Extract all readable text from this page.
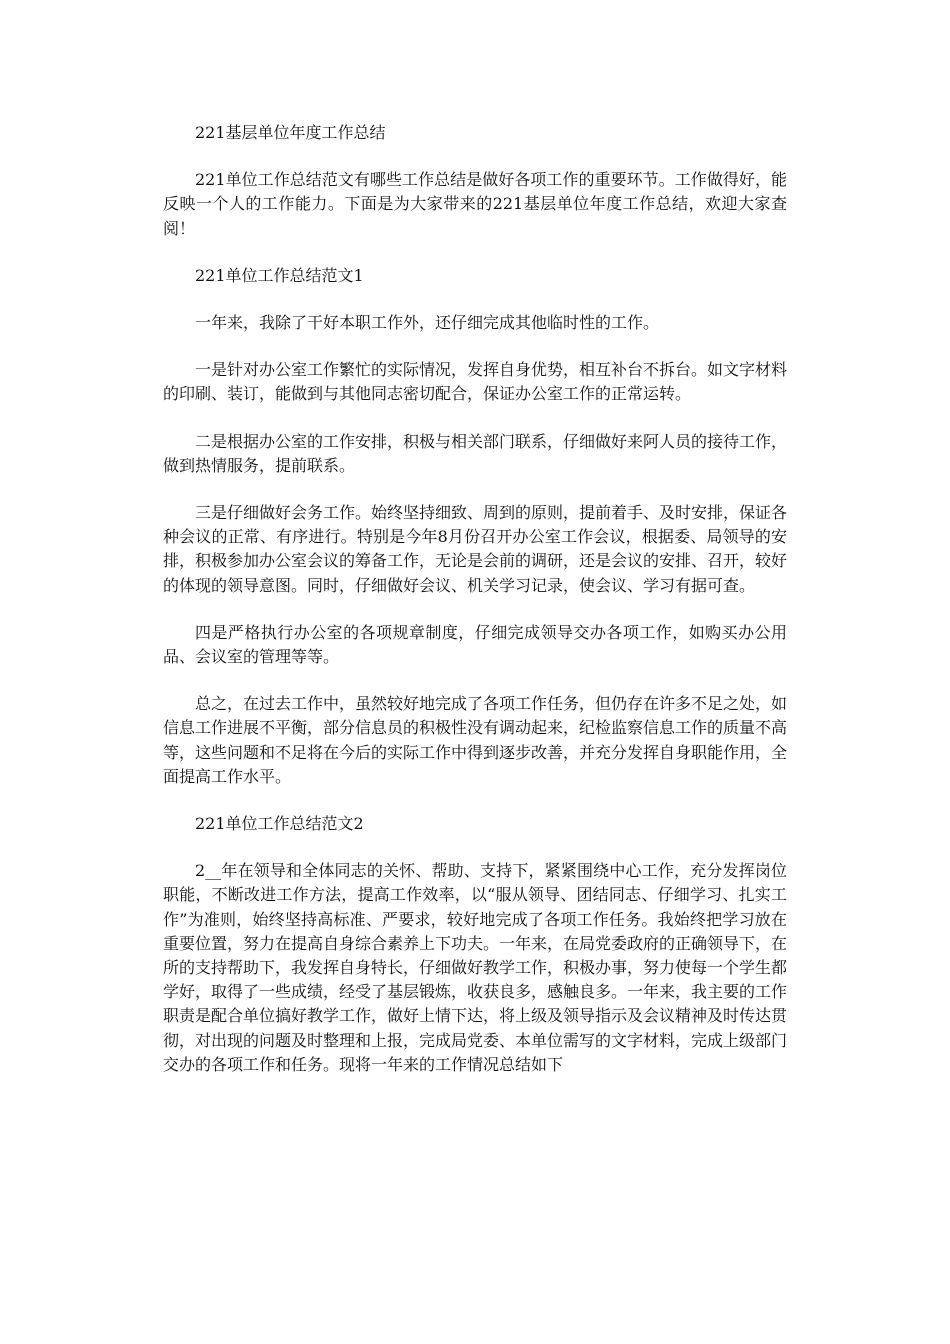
221基层单位年度工作总结

221单位工作总结范文有哪些工作总结是做好各项工作的重要环节。工作做得好，能反映一个人的工作能力。下面是为大家带来的221基层单位年度工作总结，欢迎大家查阅！

221单位工作总结范文1

一年来，我除了干好本职工作外，还仔细完成其他临时性的工作。

一是针对办公室工作繁忙的实际情况，发挥自身优势，相互补台不拆台。如文字材料的印刷、装订，能做到与其他同志密切配合，保证办公室工作的正常运转。

二是根据办公室的工作安排，积极与相关部门联系，仔细做好来阿人员的接待工作，做到热情服务，提前联系。

三是仔细做好会务工作。始终坚持细致、周到的原则，提前着手、及时安排，保证各种会议的正常、有序进行。特别是今年8月份召开办公室工作会议，根据委、局领导的安排，积极参加办公室会议的筹备工作，无论是会前的调研，还是会议的安排、召开，较好的体现的领导意图。同时，仔细做好会议、机关学习记录，使会议、学习有据可查。

四是严格执行办公室的各项规章制度，仔细完成领导交办各项工作，如购买办公用品、会议室的管理等等。

总之，在过去工作中，虽然较好地完成了各项工作任务，但仍存在许多不足之处，如信息工作进展不平衡，部分信息员的积极性没有调动起来，纪检监察信息工作的质量不高等，这些问题和不足将在今后的实际工作中得到逐步改善，并充分发挥自身职能作用，全面提高工作水平。

221单位工作总结范文2

2__年在领导和全体同志的关怀、帮助、支持下，紧紧围绕中心工作，充分发挥岗位职能，不断改进工作方法，提高工作效率，以“服从领导、团结同志、仔细学习、扎实工作”为准则，始终坚持高标准、严要求，较好地完成了各项工作任务。我始终把学习放在重要位置，努力在提高自身综合素养上下功夫。一年来，在局党委政府的正确领导下，在所的支持帮助下，我发挥自身特长，仔细做好教学工作，积极办事，努力使每一个学生都学好，取得了一些成绩，经受了基层锻炼，收获良多，感触良多。一年来，我主要的工作职责是配合单位搞好教学工作，做好上情下达，将上级及领导指示及会议精神及时传达贯彻，对出现的问题及时整理和上报，完成局党委、本单位需写的文字材料，完成上级部门交办的各项工作和任务。现将一年来的工作情况总结如下
